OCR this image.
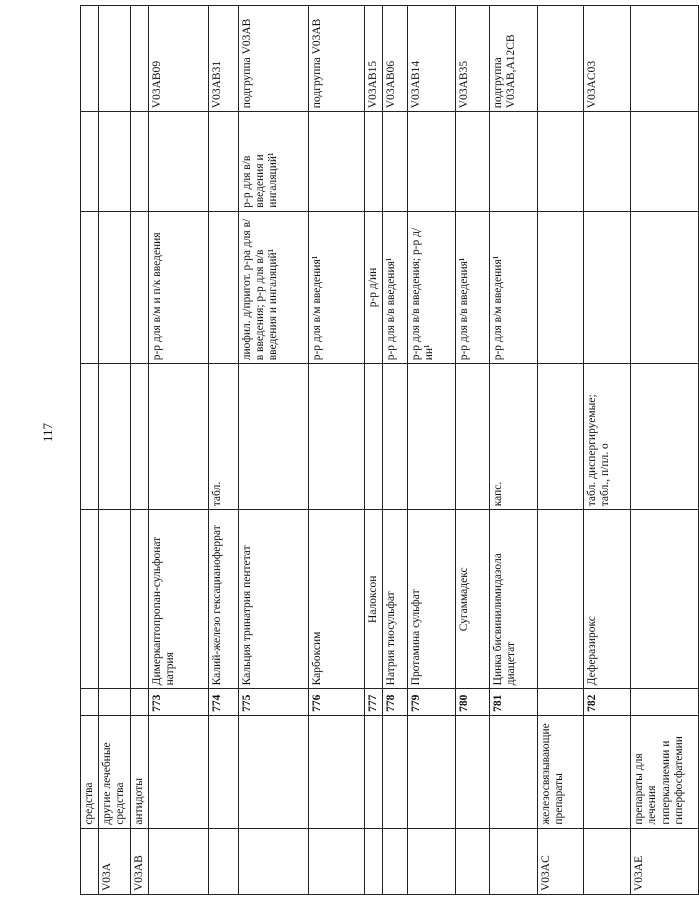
117
	средства						
V03A	другие лечебные средства						
V03AB	антидоты						
		773	Димеркаптопропан-сульфонат натрия		р-р для в/м и п/к введения		V03AB09
		774	Калий-железо гексацианоферрат	табл.			V03AB31
		775	Кальция тринатрия пентетат		лиофил. д/пригот. р-ра для в/в введения; р-р для в/в введения и ингаляций¹	р-р для в/в введения и ингаляций¹	подгруппа V03AB
		776	Карбоксим		р-р для в/м введения¹		подгруппа V03AB
		777	Налоксон		р-р д/ин		V03AB15
		778	Натрия тиосульфат		р-р для в/в введения¹		V03AB06
		779	Протамина сульфат		р-р для в/в введения; р-р д/ин¹		V03AB14
		780	Сугаммадекс		р-р для в/в введения¹		V03AB35
		781	Цинка бисвинилимидазола диацетат	капс.	р-р для в/м введения¹		подгруппа V03AB,A12CB
V03AC	железосвязывающие препараты						
		782	Деферазирокс	табл. диспергируемые; табл., п/пл. о			V03AC03
V03AE	препараты для лечения гиперкалиемии и гиперфосфатемии						
